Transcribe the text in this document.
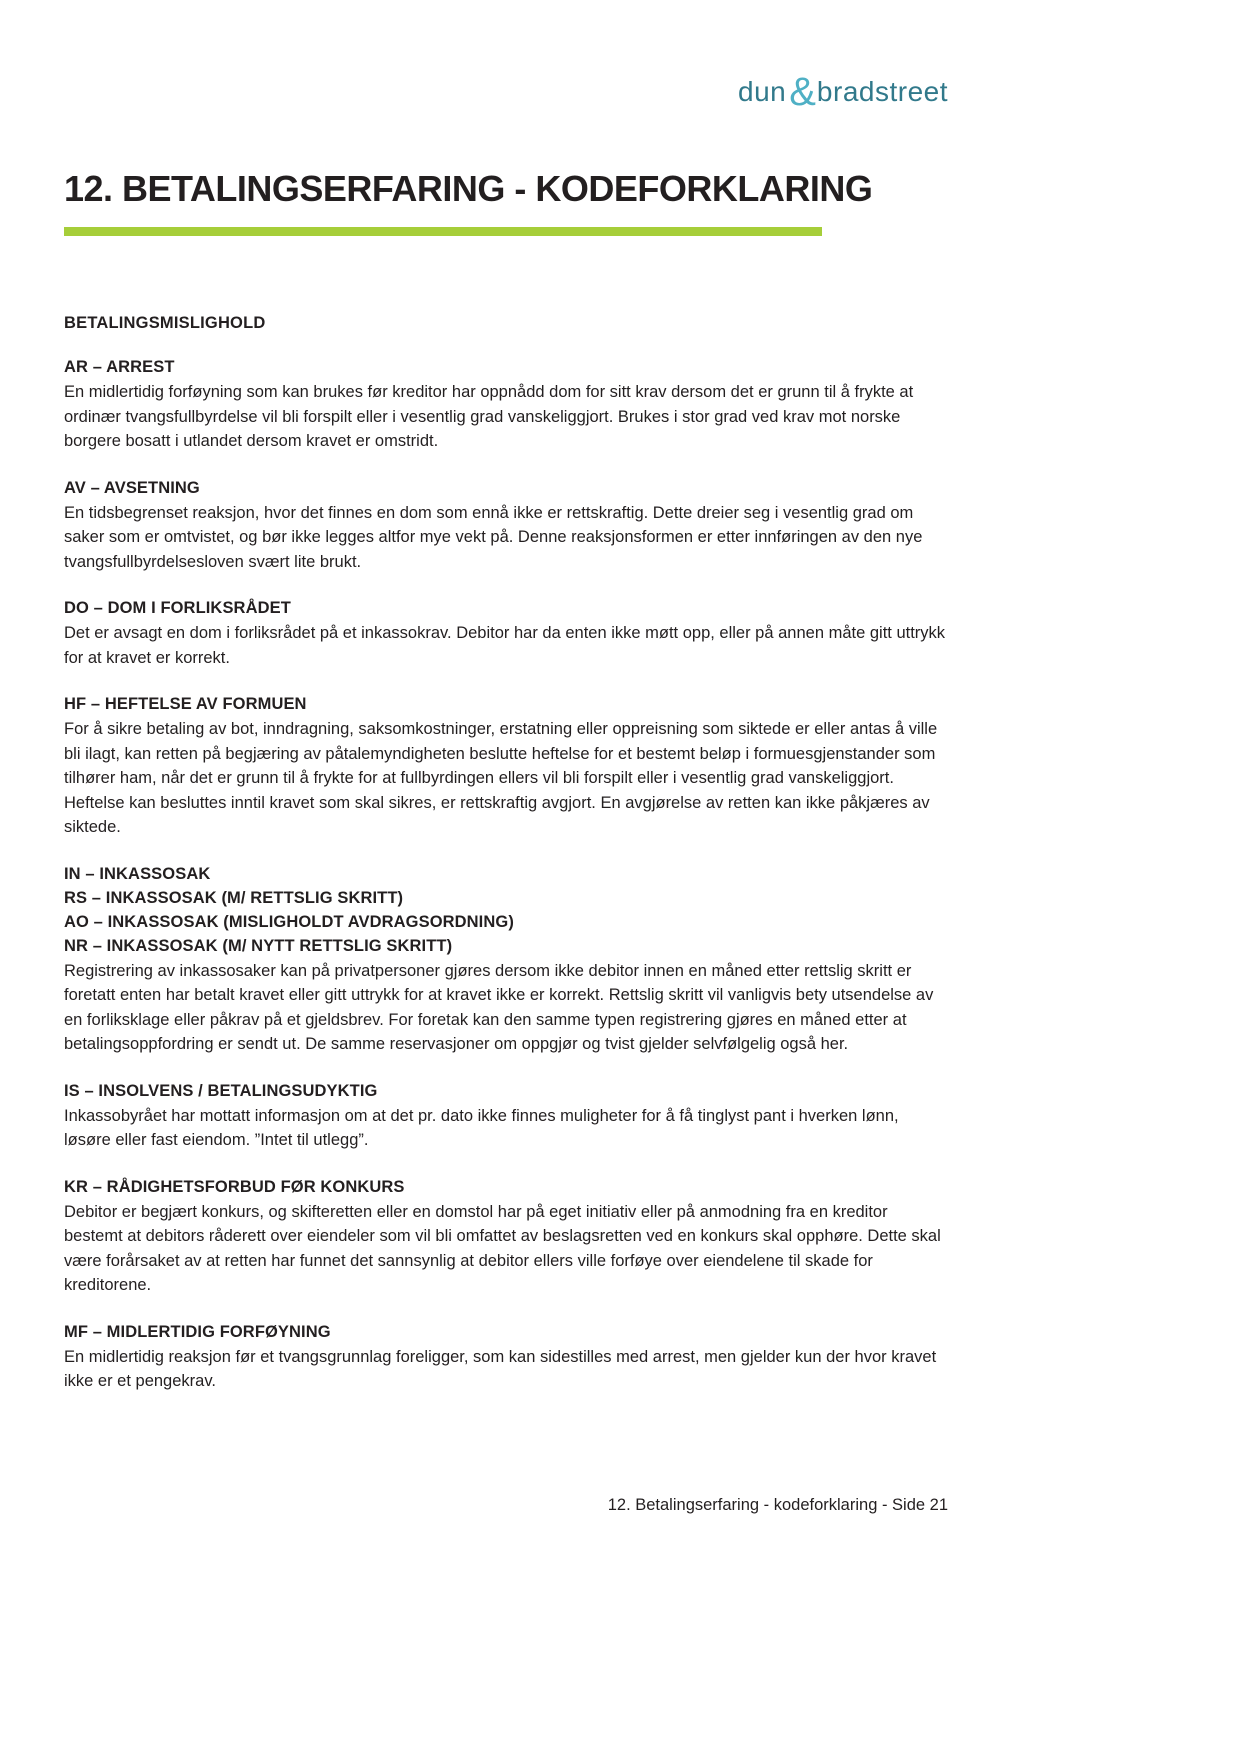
dun&bradstreet
12. BETALINGSERFARING - KODEFORKLARING

BETALINGSMISLIGHOLD

AR – ARREST

En midlertidig forføyning som kan brukes før kreditor har oppnådd dom for sitt krav dersom det er grunn til å frykte at ordinær tvangsfullbyrdelse vil bli forspilt eller i vesentlig grad vanskeliggjort. Brukes i stor grad ved krav mot norske borgere bosatt i utlandet dersom kravet er omstridt.

AV – AVSETNING

En tidsbegrenset reaksjon, hvor det finnes en dom som ennå ikke er rettskraftig. Dette dreier seg i vesentlig grad om saker som er omtvistet, og bør ikke legges altfor mye vekt på. Denne reaksjonsformen er etter innføringen av den nye tvangsfullbyrdelsesloven svært lite brukt.

DO – DOM I FORLIKSRÅDET

Det er avsagt en dom i forliksrådet på et inkassokrav. Debitor har da enten ikke møtt opp, eller på annen måte gitt uttrykk for at kravet er korrekt.

HF – HEFTELSE AV FORMUEN

For å sikre betaling av bot, inndragning, saksomkostninger, erstatning eller oppreisning som siktede er eller antas å ville bli ilagt, kan retten på begjæring av påtalemyndigheten beslutte heftelse for et bestemt beløp i formuesgjenstander som tilhører ham, når det er grunn til å frykte for at fullbyrdingen ellers vil bli forspilt eller i vesentlig grad vanskeliggjort. Heftelse kan besluttes inntil kravet som skal sikres, er rettskraftig avgjort. En avgjørelse av retten kan ikke påkjæres av siktede.

IN – INKASSOSAK
RS – INKASSOSAK (M/ RETTSLIG SKRITT)
AO – INKASSOSAK (MISLIGHOLDT AVDRAGSORDNING)
NR – INKASSOSAK (M/ NYTT RETTSLIG SKRITT)

Registrering av inkassosaker kan på privatpersoner gjøres dersom ikke debitor innen en måned etter rettslig skritt er foretatt enten har betalt kravet eller gitt uttrykk for at kravet ikke er korrekt. Rettslig skritt vil vanligvis bety utsendelse av en forliksklage eller påkrav på et gjeldsbrev. For foretak kan den samme typen registrering gjøres en måned etter at betalingsoppfordring er sendt ut. De samme reservasjoner om oppgjør og tvist gjelder selvfølgelig også her.

IS – INSOLVENS / BETALINGSUDYKTIG

Inkassobyrået har mottatt informasjon om at det pr. dato ikke finnes muligheter for å få tinglyst pant i hverken lønn, løsøre eller fast eiendom. ”Intet til utlegg”.

KR – RÅDIGHETSFORBUD FØR KONKURS

Debitor er begjært konkurs, og skifteretten eller en domstol har på eget initiativ eller på anmodning fra en kreditor bestemt at debitors råderett over eiendeler som vil bli omfattet av beslagsretten ved en konkurs skal opphøre. Dette skal være forårsaket av at retten har funnet det sannsynlig at debitor ellers ville forføye over eiendelene til skade for kreditorene.

MF – MIDLERTIDIG FORFØYNING

En midlertidig reaksjon før et tvangsgrunnlag foreligger, som kan sidestilles med arrest, men gjelder kun der hvor kravet ikke er et pengekrav.

12. Betalingserfaring - kodeforklaring - Side 21
